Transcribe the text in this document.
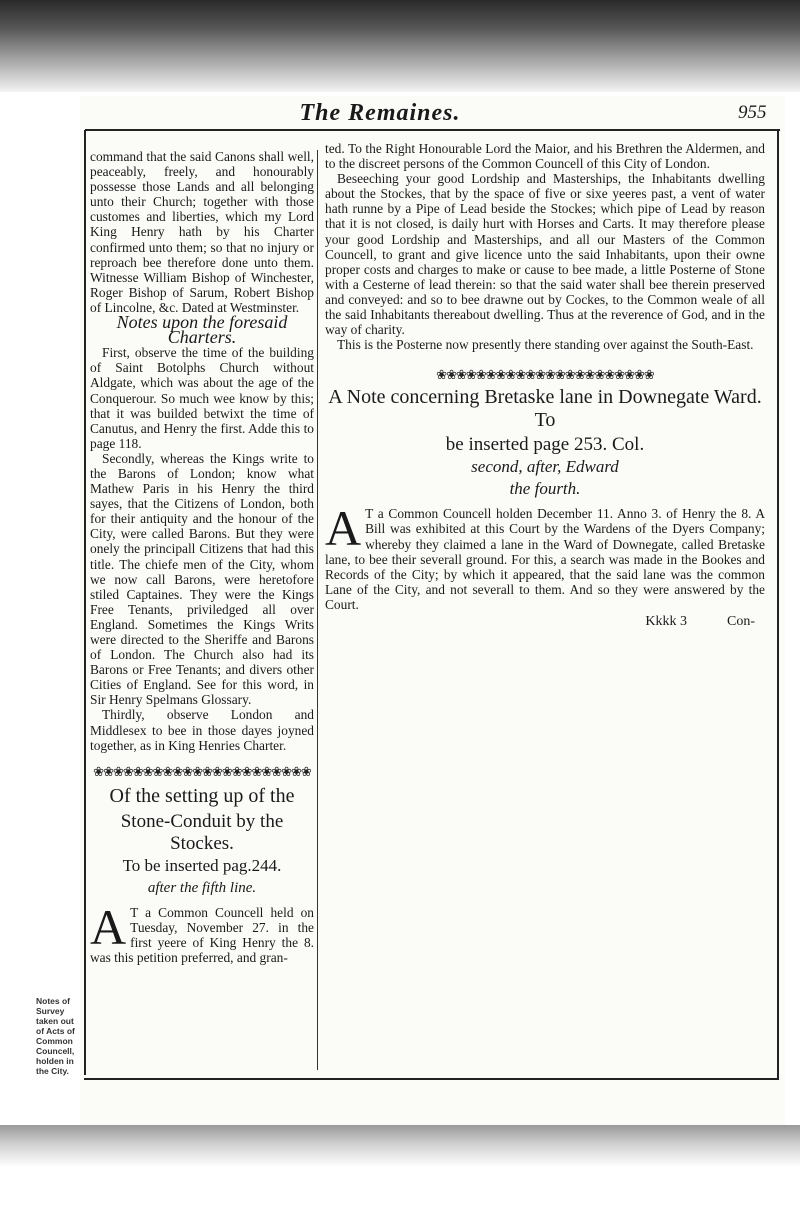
The Remaines.	955
Notes of Survey taken out of Acts of Common Councell, holden in the City.

command that the said Canons shall well, peaceably, freely, and honourably possesse those Lands and all belonging unto their Church; together with those customes and liberties, which my Lord King Henry hath by his Charter confirmed unto them; so that no injury or reproach bee therefore done unto them. Witnesse William Bishop of Winchester, Roger Bishop of Sarum, Robert Bishop of Lincolne, &c. Dated at Westminster.

Notes upon the foresaid Charters.

First, observe the time of the building of Saint Botolphs Church without Aldgate, which was about the age of the Conquerour. So much wee know by this; that it was builded betwixt the time of Canutus, and Henry the first. Adde this to page 118.

Secondly, whereas the Kings write to the Barons of London; know what Mathew Paris in his Henry the third sayes, that the Citizens of London, both for their antiquity and the honour of the City, were called Barons. But they were onely the principall Citizens that had this title. The chiefe men of the City, whom we now call Barons, were heretofore stiled Captaines. They were the Kings Free Tenants, priviledged all over England. Sometimes the Kings Writs were directed to the Sheriffe and Barons of London. The Church also had its Barons or Free Tenants; and divers other Cities of England. See for this word, in Sir Henry Spelmans Glossary.

Thirdly, observe London and Middlesex to bee in those dayes joyned together, as in King Henries Charter.

❀❀❀❀❀❀❀❀❀❀❀❀❀❀❀❀❀❀❀❀❀❀
Of the setting up of the
Stone-Conduit by the Stockes.
To be inserted pag.244.
after the fifth line.

A T a Common Councell held on Tuesday, November 27. in the first yeere of King Henry the 8. was this petition preferred, and gran-

ted. To the Right Honourable Lord the Maior, and his Brethren the Aldermen, and to the discreet persons of the Common Councell of this City of London.

Beseeching your good Lordship and Masterships, the Inhabitants dwelling about the Stockes, that by the space of five or sixe yeeres past, a vent of water hath runne by a Pipe of Lead beside the Stockes; which pipe of Lead by reason that it is not closed, is daily hurt with Horses and Carts. It may therefore please your good Lordship and Masterships, and all our Masters of the Common Councell, to grant and give licence unto the said Inhabitants, upon their owne proper costs and charges to make or cause to bee made, a little Posterne of Stone with a Cesterne of lead therein: so that the said water shall bee therein preserved and conveyed: and so to bee drawne out by Cockes, to the Common weale of all the said Inhabitants thereabout dwelling. Thus at the reverence of God, and in the way of charity.

This is the Posterne now presently there standing over against the South-East.

❀❀❀❀❀❀❀❀❀❀❀❀❀❀❀❀❀❀❀❀❀❀
A Note concerning Bretaske lane in Downegate Ward. To
be inserted page 253. Col.
second, after, Edward
the fourth.

A T a Common Councell holden December 11. Anno 3. of Henry the 8. A Bill was exhibited at this Court by the Wardens of the Dyers Company; whereby they claimed a lane in the Ward of Downegate, called Bretaske lane, to bee their severall ground. For this, a search was made in the Bookes and Records of the City; by which it appeared, that the said lane was the common Lane of the City, and not severall to them. And so they were answered by the Court.

Kkkk 3	Con-
